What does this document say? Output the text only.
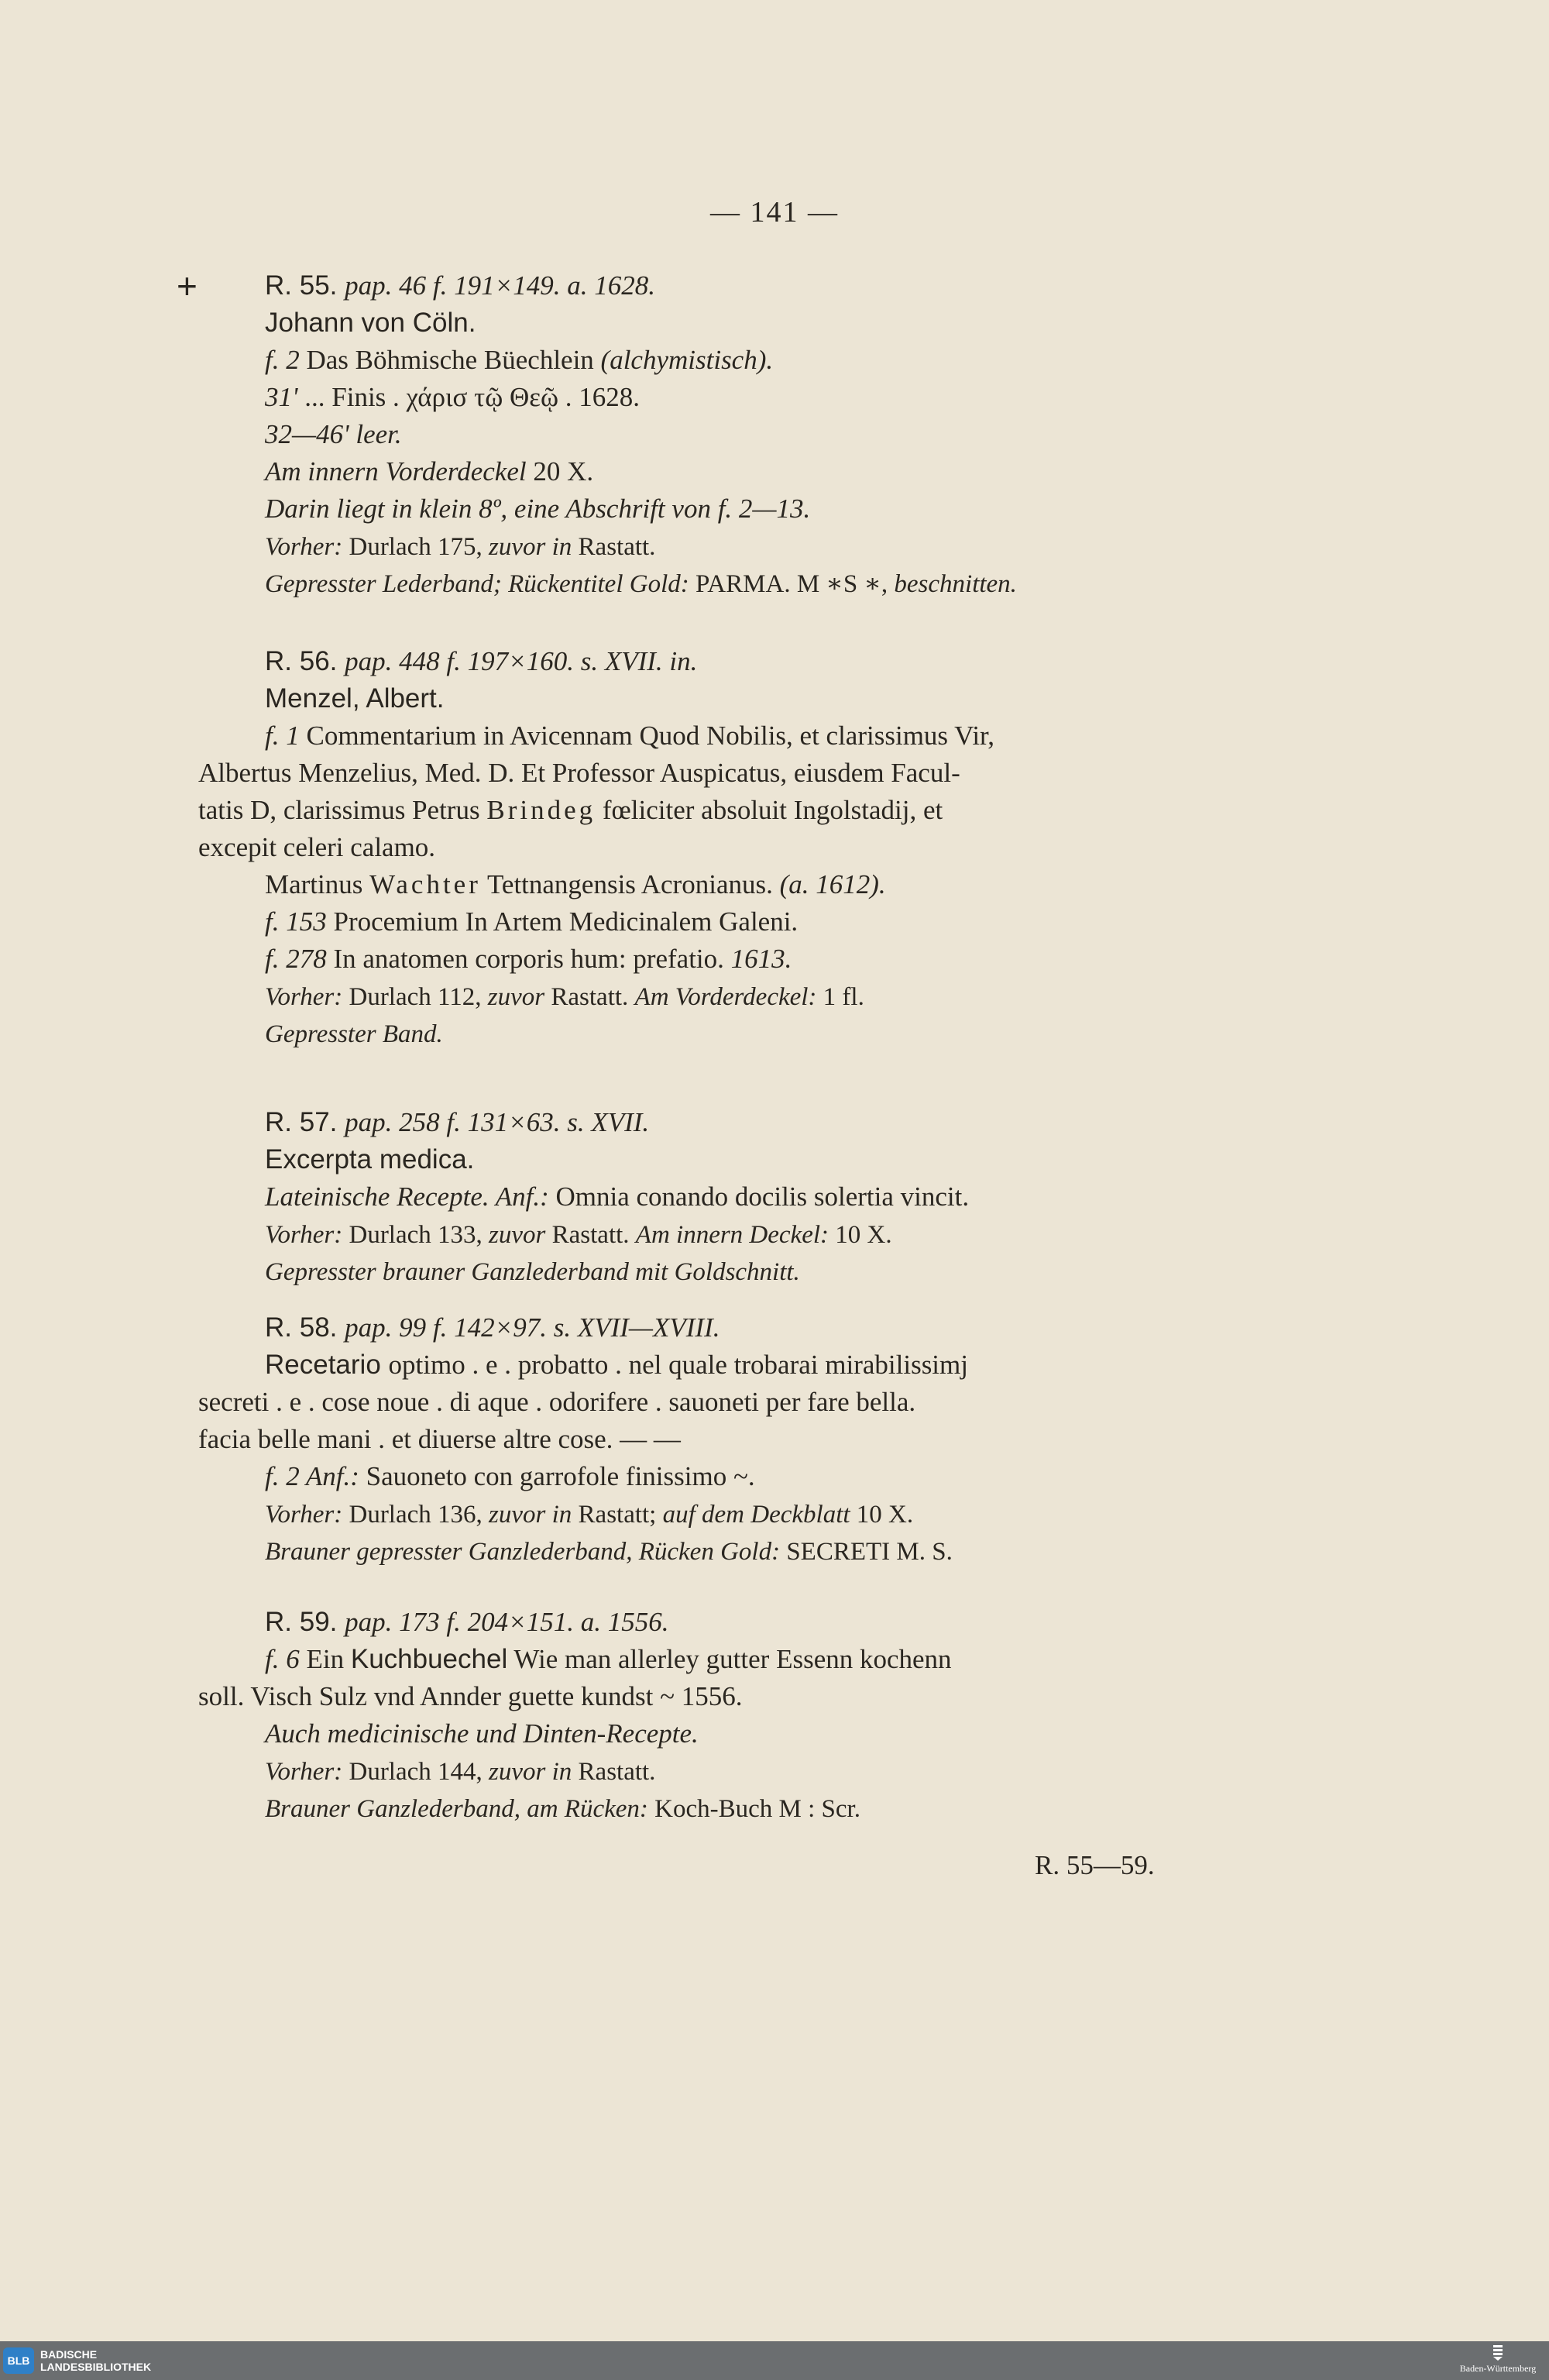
— 141 —
+ R. 55. pap. 46 f. 191×149. a. 1628.
Johann von Cöln.
f. 2 Das Böhmische Büechlein (alchymistisch).
31' ... Finis . χάρισ τῷ Θεῷ . 1628.
32—46' leer.
Am innern Vorderdeckel 20 X.
Darin liegt in klein 8º, eine Abschrift von f. 2—13.
Vorher: Durlach 175, zuvor in Rastatt.
Gepresster Lederband; Rückentitel Gold: PARMA. M ∗S ∗, beschnitten.
R. 56. pap. 448 f. 197×160. s. XVII. in.
Menzel, Albert.
f. 1 Commentarium in Avicennam Quod Nobilis, et clarissimus Vir,
Albertus Menzelius, Med. D. Et Professor Auspicatus, eiusdem Facul-
tatis D, clarissimus Petrus Brindeg fœliciter absoluit Ingolstadij, et
excepit celeri calamo.
Martinus Wachter Tettnangensis Acronianus. (a. 1612).
f. 153 Procemium In Artem Medicinalem Galeni.
f. 278 In anatomen corporis hum: prefatio. 1613.
Vorher: Durlach 112, zuvor Rastatt. Am Vorderdeckel: 1 fl.
Gepresster Band.
R. 57. pap. 258 f. 131×63. s. XVII.
Excerpta medica.
Lateinische Recepte. Anf.: Omnia conando docilis solertia vincit.
Vorher: Durlach 133, zuvor Rastatt. Am innern Deckel: 10 X.
Gepresster brauner Ganzlederband mit Goldschnitt.
R. 58. pap. 99 f. 142×97. s. XVII—XVIII.
Recetario optimo . e . probatto . nel quale trobarai mirabilissimj
secreti . e . cose noue . di aque . odorifere . sauoneti per fare bella.
facia belle mani . et diuerse altre cose. — —
f. 2 Anf.: Sauoneto con garrofole finissimo ~.
Vorher: Durlach 136, zuvor in Rastatt; auf dem Deckblatt 10 X.
Brauner gepresster Ganzlederband, Rücken Gold: SECRETI M. S.
R. 59. pap. 173 f. 204×151. a. 1556.
f. 6 Ein Kuchbuechel Wie man allerley gutter Essenn kochenn
soll. Visch Sulz vnd Annder guette kundst ~ 1556.
Auch medicinische und Dinten-Recepte.
Vorher: Durlach 144, zuvor in Rastatt.
Brauner Ganzlederband, am Rücken: Koch-Buch M : Scr.
R. 55—59.
BLB BADISCHE
LANDESBIBLIOTHEK	Baden-Württemberg
